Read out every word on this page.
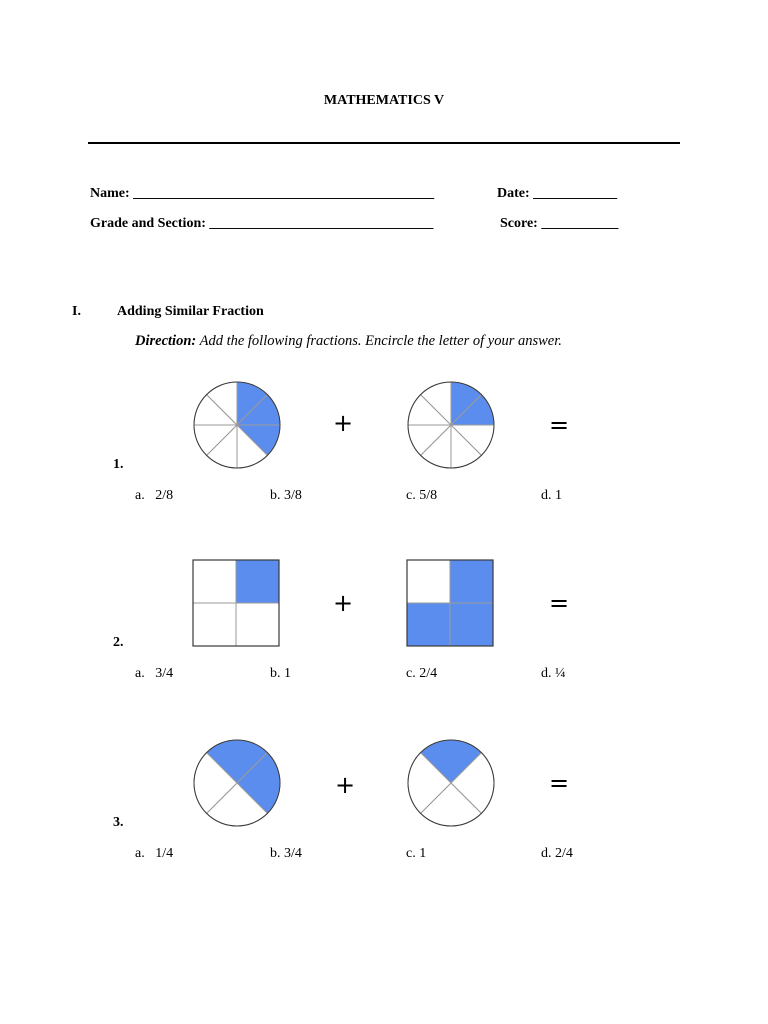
MATHEMATICS V
Name: ___________________________________________	Date: ____________
Grade and Section: ________________________________	Score: ___________
I.	Adding Similar Fraction
Direction: Add the following fractions. Encircle the letter of your answer.
+	=
1.
a.   2/8	b. 3/8	c. 5/8	d. 1
+	=
2.
a.   3/4	b. 1	c. 2/4	d. ¼
+	=
3.
a.   1/4	b. 3/4	c. 1	d. 2/4
